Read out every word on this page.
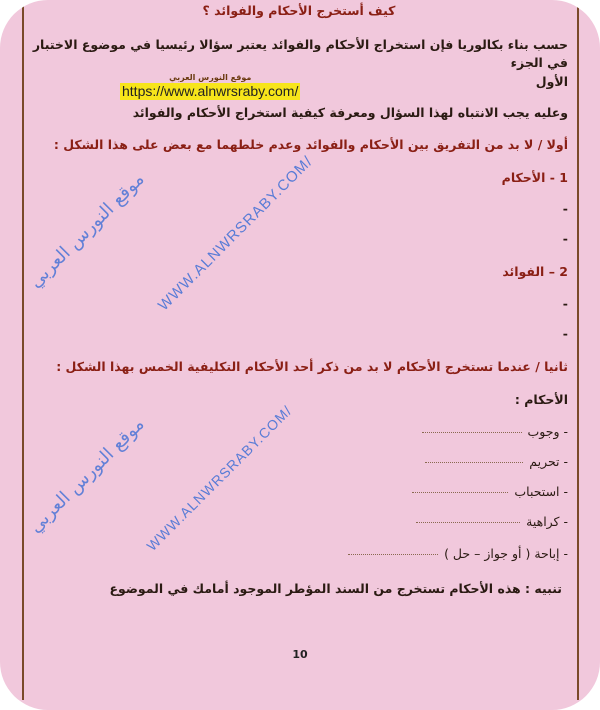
موقع النورس العربي WWW.ALNWRSRABY.COM/
موقع النورس العربي
WWW.ALNWRSRABY.COM/
كيف أستخرج الأحكام والفوائد ؟
حسب بناء بكالوريا فإن استخراج الأحكام والفوائد يعتبر سؤالا رئيسيا في موضوع الاختبار في الجزء
الأول
موقع النورس العربي
https://www.alnwrsraby.com/
وعليه يجب الانتباه لهذا السؤال ومعرفة كيفية استخراج الأحكام والفوائد
أولا / لا بد من التفريق بين الأحكام والفوائد وعدم خلطهما مع بعض على هذا الشكل :
1 - الأحكام
-
-
2 – الفوائد
-
-
ثانيا / عندما تستخرج الأحكام لا بد من ذكر أحد الأحكام التكليفية الخمس بهذا الشكل :
الأحكام :
- وجوب
- تحريم
- استحباب
- كراهية
- إباحة ( أو جواز – حل )
تنبيه : هذه الأحكام تستخرج من السند المؤطر الموجود أمامك في الموضوع
10
